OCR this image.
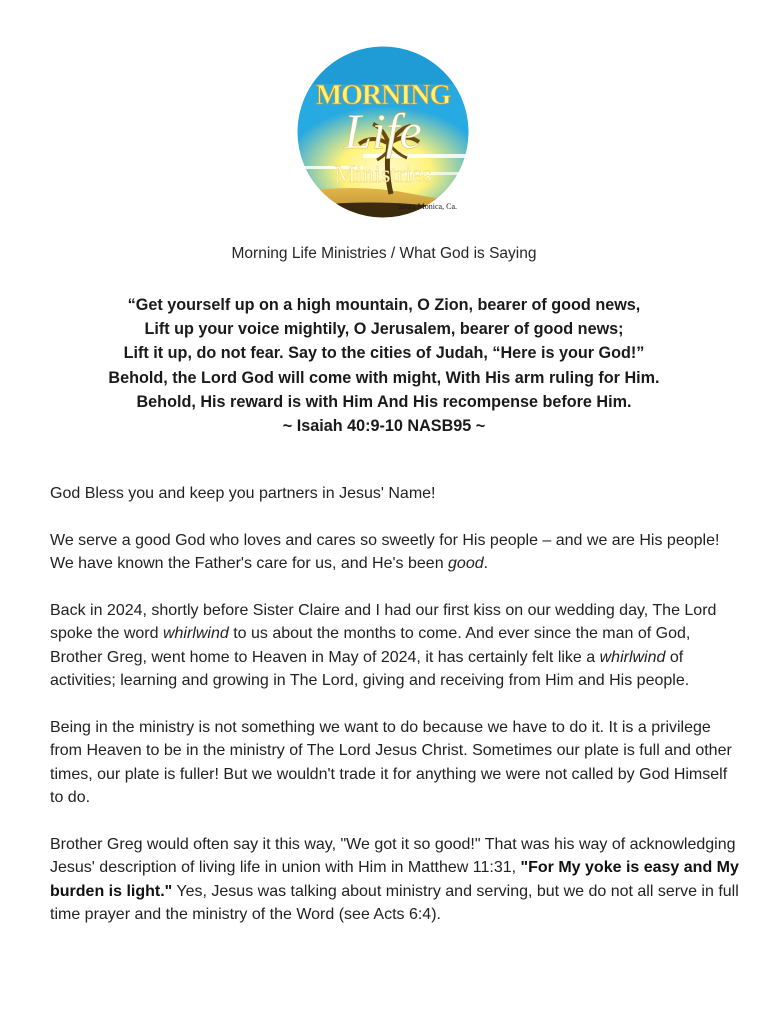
MORNING
Life
Ministries
Santa Monica, Ca.
Morning Life Ministries / What God is Saying
“Get yourself up on a high mountain, O Zion, bearer of good news,
Lift up your voice mightily, O Jerusalem, bearer of good news;
Lift it up, do not fear. Say to the cities of Judah, “Here is your God!”
Behold, the Lord God will come with might, With His arm ruling for Him.
Behold, His reward is with Him And His recompense before Him.
~ Isaiah 40:9-10 NASB95 ~

God Bless you and keep you partners in Jesus' Name!

We serve a good God who loves and cares so sweetly for His people – and we are His people! We have known the Father's care for us, and He's been good.

Back in 2024, shortly before Sister Claire and I had our first kiss on our wedding day, The Lord spoke the word whirlwind to us about the months to come. And ever since the man of God, Brother Greg, went home to Heaven in May of 2024, it has certainly felt like a whirlwind of activities; learning and growing in The Lord, giving and receiving from Him and His people.

Being in the ministry is not something we want to do because we have to do it. It is a privilege from Heaven to be in the ministry of The Lord Jesus Christ. Sometimes our plate is full and other times, our plate is fuller! But we wouldn't trade it for anything we were not called by God Himself to do.

Brother Greg would often say it this way, "We got it so good!" That was his way of acknowledging Jesus' description of living life in union with Him in Matthew 11:31, "For My yoke is easy and My burden is light." Yes, Jesus was talking about ministry and serving, but we do not all serve in full time prayer and the ministry of the Word (see Acts 6:4).
